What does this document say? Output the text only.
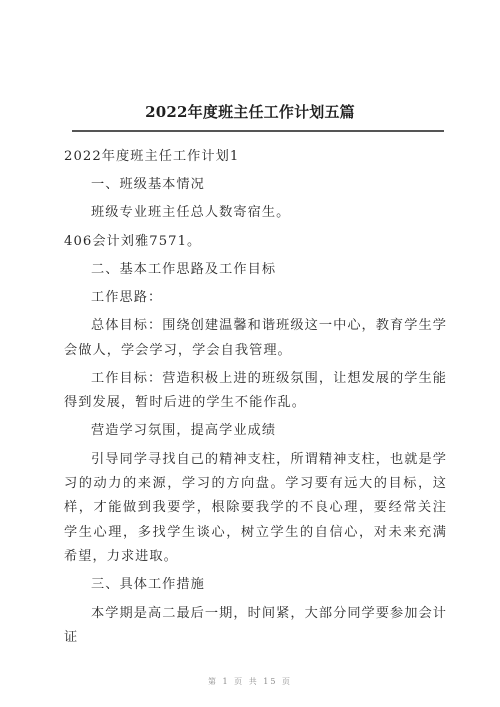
2022年度班主任工作计划五篇

2022年度班主任工作计划1

一、班级基本情况

班级专业班主任总人数寄宿生。

406会计刘雅7571。

二、基本工作思路及工作目标

工作思路：

总体目标：围绕创建温馨和谐班级这一中心，教育学生学会做人，学会学习，学会自我管理。

工作目标：营造积极上进的班级氛围，让想发展的学生能得到发展，暂时后进的学生不能作乱。

营造学习氛围，提高学业成绩

引导同学寻找自己的精神支柱，所谓精神支柱，也就是学习的动力的来源，学习的方向盘。学习要有远大的目标，这样，才能做到我要学，根除要我学的不良心理，要经常关注学生心理，多找学生谈心，树立学生的自信心，对未来充满希望，力求进取。

三、具体工作措施

本学期是高二最后一期，时间紧，大部分同学要参加会计证

第 1 页 共 15 页
